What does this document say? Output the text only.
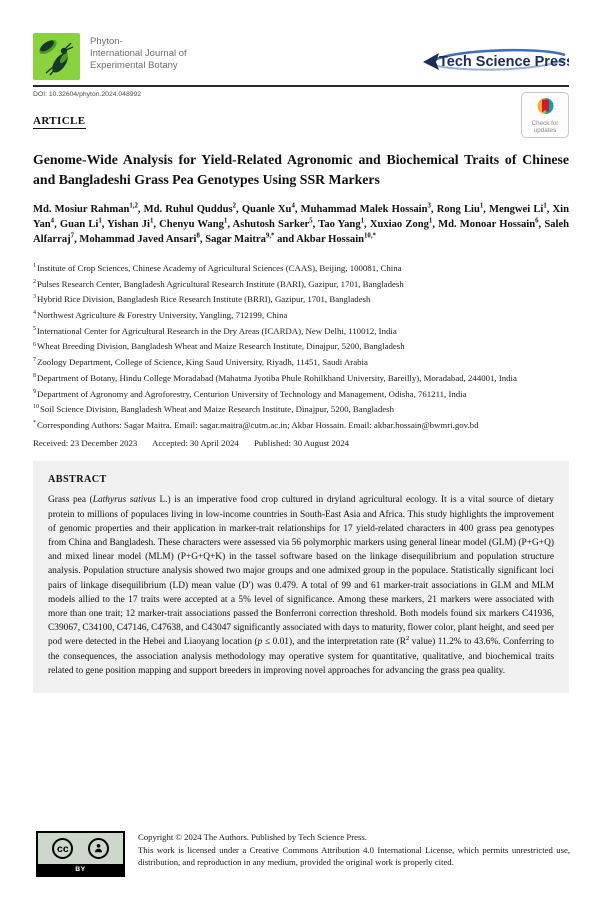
Phyton-
International Journal of
Experimental Botany	Tech Science Press
DOI: 10.32604/phyton.2024.048992
Check for
updates
ARTICLE
Genome-Wide Analysis for Yield-Related Agronomic and Biochemical Traits of Chinese and Bangladeshi Grass Pea Genotypes Using SSR Markers
Md. Mosiur Rahman$^{1,2}$, Md. Ruhul Quddus$^2$, Quanle Xu$^4$, Muhammad Malek Hossain$^3$, Rong Liu$^1$, Mengwei Li$^1$, Xin Yan$^4$, Guan Li$^1$, Yishan Ji$^1$, Chenyu Wang$^1$, Ashutosh Sarker$^5$, Tao Yang$^1$, Xuxiao Zong$^1$, Md. Monoar Hossain$^6$, Saleh Alfarraj$^7$, Mohammad Javed Ansari$^8$, Sagar Maitra$^{9,*}$ and Akbar Hossain$^{10,*}$
$^1$Institute of Crop Sciences, Chinese Academy of Agricultural Sciences (CAAS), Beijing, 100081, China
$^2$Pulses Research Center, Bangladesh Agricultural Research Institute (BARI), Gazipur, 1701, Bangladesh
$^3$Hybrid Rice Division, Bangladesh Rice Research Institute (BRRI), Gazipur, 1701, Bangladesh
$^4$Northwest Agriculture & Forestry University, Yangling, 712199, China
$^5$International Center for Agricultural Research in the Dry Areas (ICARDA), New Delhi, 110012, India
$^6$Wheat Breeding Division, Bangladesh Wheat and Maize Research Institute, Dinajpur, 5200, Bangladesh
$^7$Zoology Department, College of Science, King Saud University, Riyadh, 11451, Saudi Arabia
$^8$Department of Botany, Hindu College Moradabad (Mahatma Jyotiba Phule Rohilkhand University, Bareilly), Moradabad, 244001, India
$^9$Department of Agronomy and Agroforestry, Centurion University of Technology and Management, Odisha, 761211, India
$^{10}$Soil Science Division, Bangladesh Wheat and Maize Research Institute, Dinajpur, 5200, Bangladesh
*Corresponding Authors: Sagar Maitra. Email: sagar.maitra@cutm.ac.in; Akbar Hossain. Email: akbar.hossain@bwmri.gov.bd
Received: 23 December 2023 Accepted: 30 April 2024 Published: 30 August 2024
ABSTRACT

Grass pea (Lathyrus sativus L.) is an imperative food crop cultured in dryland agricultural ecology. It is a vital source of dietary protein to millions of populaces living in low-income countries in South-East Asia and Africa. This study highlights the improvement of genomic properties and their application in marker-trait relationships for 17 yield-related characters in 400 grass pea genotypes from China and Bangladesh. These characters were assessed via 56 polymorphic markers using general linear model (GLM) (P+G+Q) and mixed linear model (MLM) (P+G+Q+K) in the tassel software based on the linkage disequilibrium and population structure analysis. Population structure analysis showed two major groups and one admixed group in the populace. Statistically significant loci pairs of linkage disequilibrium (LD) mean value (D′) was 0.479. A total of 99 and 61 marker-trait associations in GLM and MLM models allied to the 17 traits were accepted at a 5% level of significance. Among these markers, 21 markers were associated with more than one trait; 12 marker-trait associations passed the Bonferroni correction threshold. Both models found six markers C41936, C39067, C34100, C47146, C47638, and C43047 significantly associated with days to maturity, flower color, plant height, and seed per pod were detected in the Hebei and Liaoyang location (p ≤ 0.01), and the interpretation rate ($R^2$ value) 11.2% to 43.6%. Conferring to the consequences, the association analysis methodology may operative system for quantitative, qualitative, and biochemical traits related to gene position mapping and support breeders in improving novel approaches for advancing the grass pea quality.

cc
BY
Copyright © 2024 The Authors. Published by Tech Science Press.
This work is licensed under a Creative Commons Attribution 4.0 International License, which permits unrestricted use, distribution, and reproduction in any medium, provided the original work is properly cited.
